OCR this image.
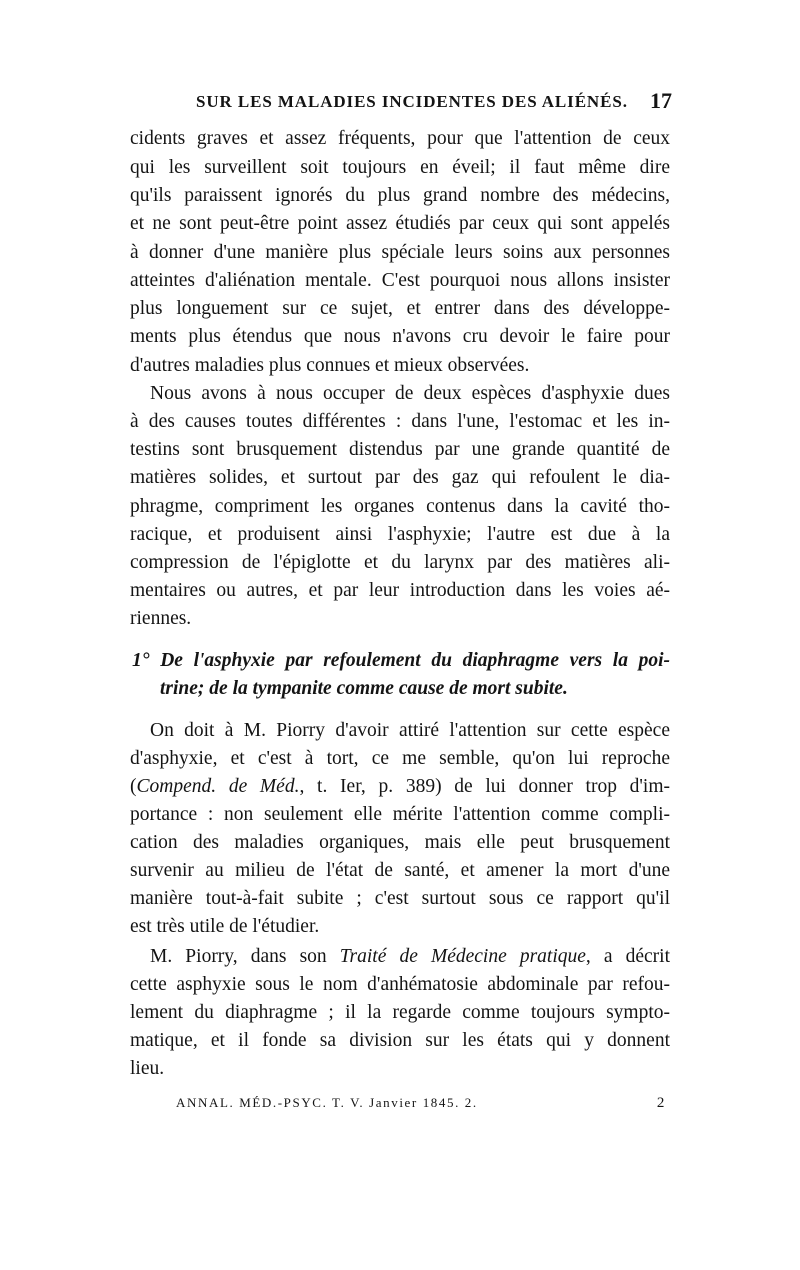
SUR LES MALADIES INCIDENTES DES ALIÉNÉS. 17
cidents graves et assez fréquents, pour que l'attention de ceux
qui les surveillent soit toujours en éveil; il faut même dire
qu'ils paraissent ignorés du plus grand nombre des médecins,
et ne sont peut-être point assez étudiés par ceux qui sont appelés
à donner d'une manière plus spéciale leurs soins aux personnes
atteintes d'aliénation mentale. C'est pourquoi nous allons insister
plus longuement sur ce sujet, et entrer dans des développe-
ments plus étendus que nous n'avons cru devoir le faire pour
d'autres maladies plus connues et mieux observées.
Nous avons à nous occuper de deux espèces d'asphyxie dues
à des causes toutes différentes : dans l'une, l'estomac et les in-
testins sont brusquement distendus par une grande quantité de
matières solides, et surtout par des gaz qui refoulent le dia-
phragme, compriment les organes contenus dans la cavité tho-
racique, et produisent ainsi l'asphyxie; l'autre est due à la
compression de l'épiglotte et du larynx par des matières ali-
mentaires ou autres, et par leur introduction dans les voies aé-
riennes.
1° De l'asphyxie par refoulement du diaphragme vers la poi-
trine; de la tympanite comme cause de mort subite.
On doit à M. Piorry d'avoir attiré l'attention sur cette espèce
d'asphyxie, et c'est à tort, ce me semble, qu'on lui reproche
(Compend. de Méd., t. Ier, p. 389) de lui donner trop d'im-
portance : non seulement elle mérite l'attention comme compli-
cation des maladies organiques, mais elle peut brusquement
survenir au milieu de l'état de santé, et amener la mort d'une
manière tout-à-fait subite ; c'est surtout sous ce rapport qu'il
est très utile de l'étudier.
M. Piorry, dans son Traité de Médecine pratique, a décrit
cette asphyxie sous le nom d'anhématosie abdominale par refou-
lement du diaphragme ; il la regarde comme toujours sympto-
matique, et il fonde sa division sur les états qui y donnent
lieu.
ANNAL. MÉD.-PSYC. T. V. Janvier 1845. 2.	2
